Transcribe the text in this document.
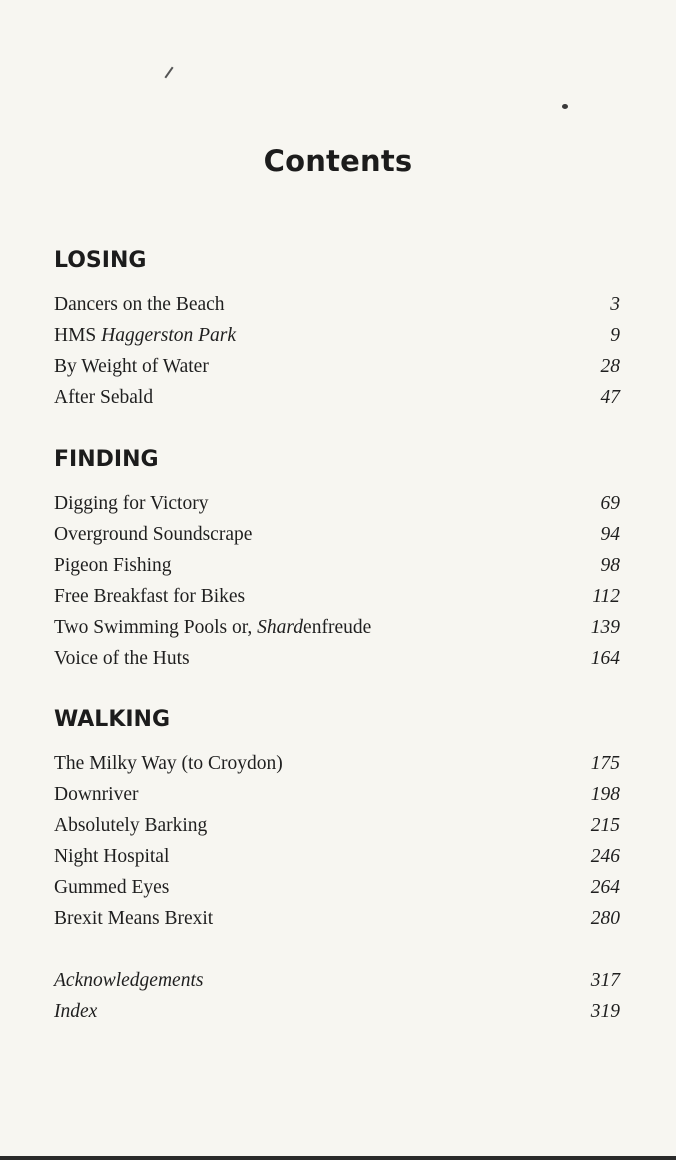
Contents
LOSING
Dancers on the Beach	3
HMS Haggerston Park	9
By Weight of Water	28
After Sebald	47
FINDING
Digging for Victory	69
Overground Soundscrape	94
Pigeon Fishing	98
Free Breakfast for Bikes	112
Two Swimming Pools or, Shardenfreude	139
Voice of the Huts	164
WALKING
The Milky Way (to Croydon)	175
Downriver	198
Absolutely Barking	215
Night Hospital	246
Gummed Eyes	264
Brexit Means Brexit	280
Acknowledgements	317
Index	319
